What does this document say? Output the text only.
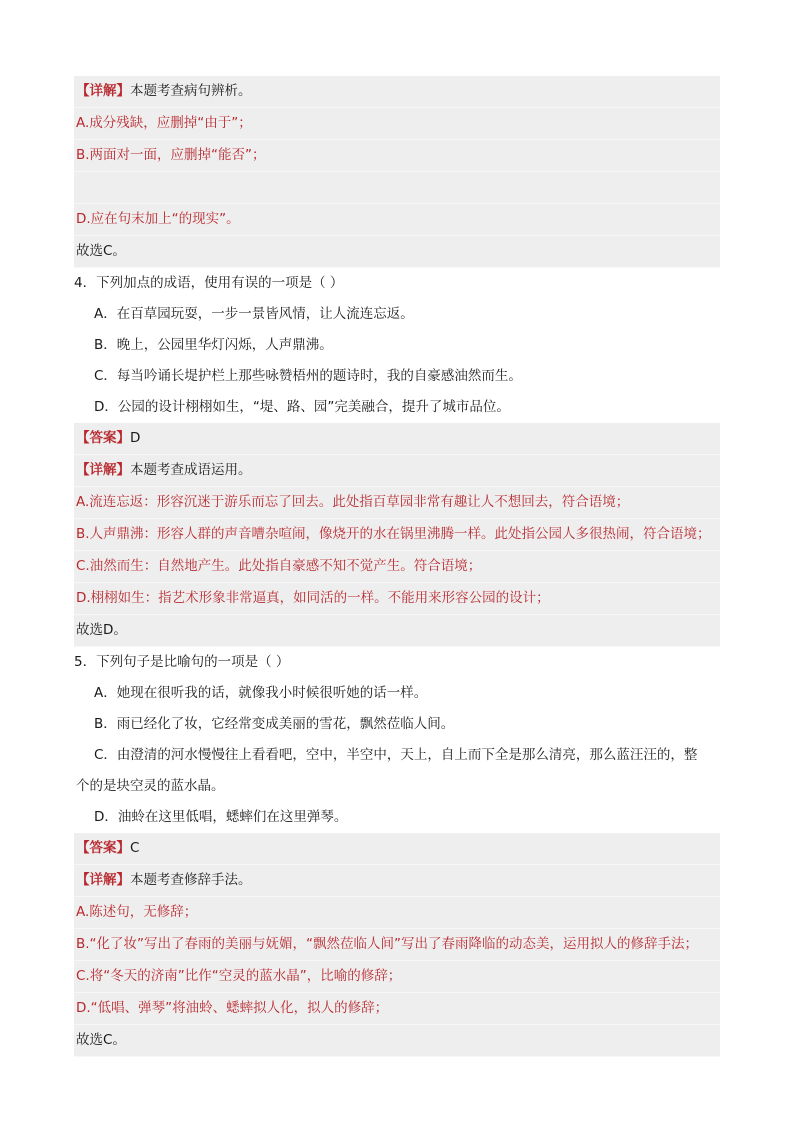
【详解】本题考查病句辨析。
A.成分残缺，应删掉“由于”；
B.两面对一面，应删掉“能否”；
D.应在句末加上“的现实”。
故选C。
4．下列加点的成语，使用有误的一项是（ ）
A．在百草园玩耍，一步一景皆风情，让人流连忘返。
B．晚上，公园里华灯闪烁，人声鼎沸。
C．每当吟诵长堤护栏上那些咏赞梧州的题诗时，我的自豪感油然而生。
D．公园的设计栩栩如生，“堤、路、园”完美融合，提升了城市品位。
【答案】D
【详解】本题考查成语运用。
A.流连忘返：形容沉迷于游乐而忘了回去。此处指百草园非常有趣让人不想回去，符合语境；
B.人声鼎沸：形容人群的声音嘈杂喧闹，像烧开的水在锅里沸腾一样。此处指公园人多很热闹，符合语境；
C.油然而生：自然地产生。此处指自豪感不知不觉产生。符合语境；
D.栩栩如生：指艺术形象非常逼真，如同活的一样。不能用来形容公园的设计；
故选D。
5．下列句子是比喻句的一项是（ ）
A．她现在很听我的话，就像我小时候很听她的话一样。
B．雨已经化了妆，它经常变成美丽的雪花，飘然莅临人间。
C．由澄清的河水慢慢往上看看吧，空中，半空中，天上，自上而下全是那么清亮，那么蓝汪汪的，整
个的是块空灵的蓝水晶。
D．油蛉在这里低唱，蟋蟀们在这里弹琴。
【答案】C
【详解】本题考查修辞手法。
A.陈述句，无修辞；
B.“化了妆”写出了春雨的美丽与妩媚，“飘然莅临人间”写出了春雨降临的动态美，运用拟人的修辞手法；
C.将“冬天的济南”比作“空灵的蓝水晶”，比喻的修辞；
D.“低唱、弹琴”将油蛉、蟋蟀拟人化，拟人的修辞；
故选C。
